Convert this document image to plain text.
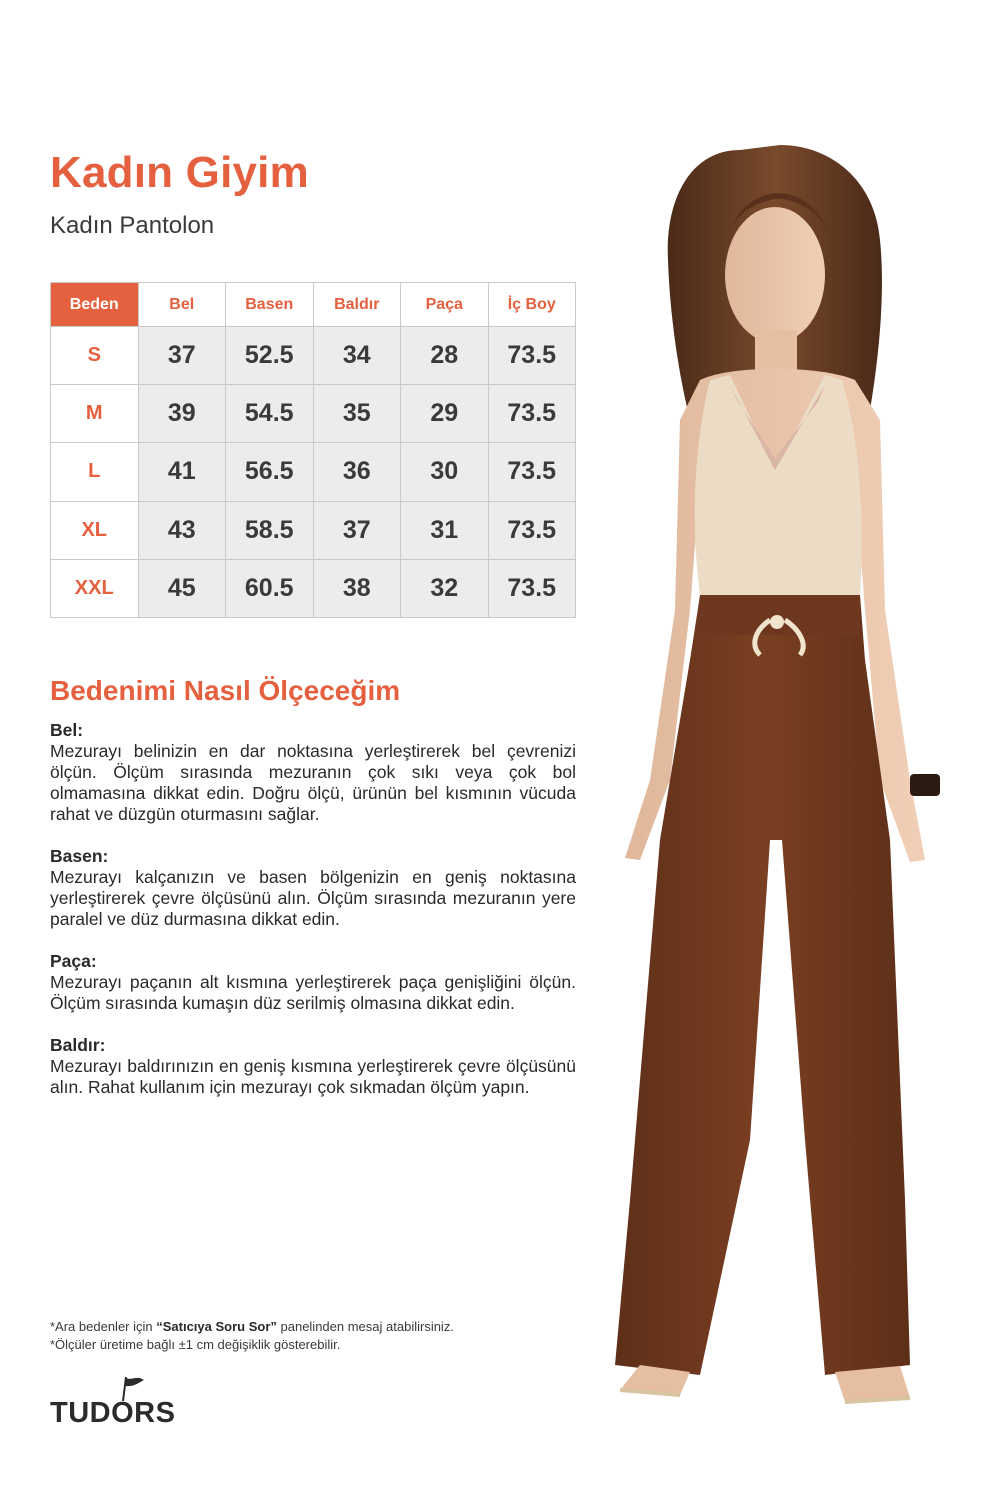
Kadın Giyim
Kadın Pantolon
Beden	Bel	Basen	Baldır	Paça	İç Boy
S	37	52.5	34	28	73.5
M	39	54.5	35	29	73.5
L	41	56.5	36	30	73.5
XL	43	58.5	37	31	73.5
XXL	45	60.5	38	32	73.5
Bedenimi Nasıl Ölçeceğim
Bel:
Mezurayı belinizin en dar noktasına yerleştirerek bel çevrenizi ölçün. Ölçüm sırasında mezuranın çok sıkı veya çok bol olmamasına dikkat edin. Doğru ölçü, ürünün bel kısmının vücuda rahat ve düzgün oturmasını sağlar.
Basen:
Mezurayı kalçanızın ve basen bölgenizin en geniş noktasına yerleştirerek çevre ölçüsünü alın. Ölçüm sırasında mezuranın yere paralel ve düz durmasına dikkat edin.
Paça:
Mezurayı paçanın alt kısmına yerleştirerek paça genişliğini ölçün. Ölçüm sırasında kumaşın düz serilmiş olmasına dikkat edin.
Baldır:
Mezurayı baldırınızın en geniş kısmına yerleştirerek çevre ölçüsünü alın. Rahat kullanım için mezurayı çok sıkmadan ölçüm yapın.
*Ara bedenler için “Satıcıya Soru Sor” panelinden mesaj atabilirsiniz.
*Ölçüler üretime bağlı ±1 cm değişiklik gösterebilir.
TUDORS
